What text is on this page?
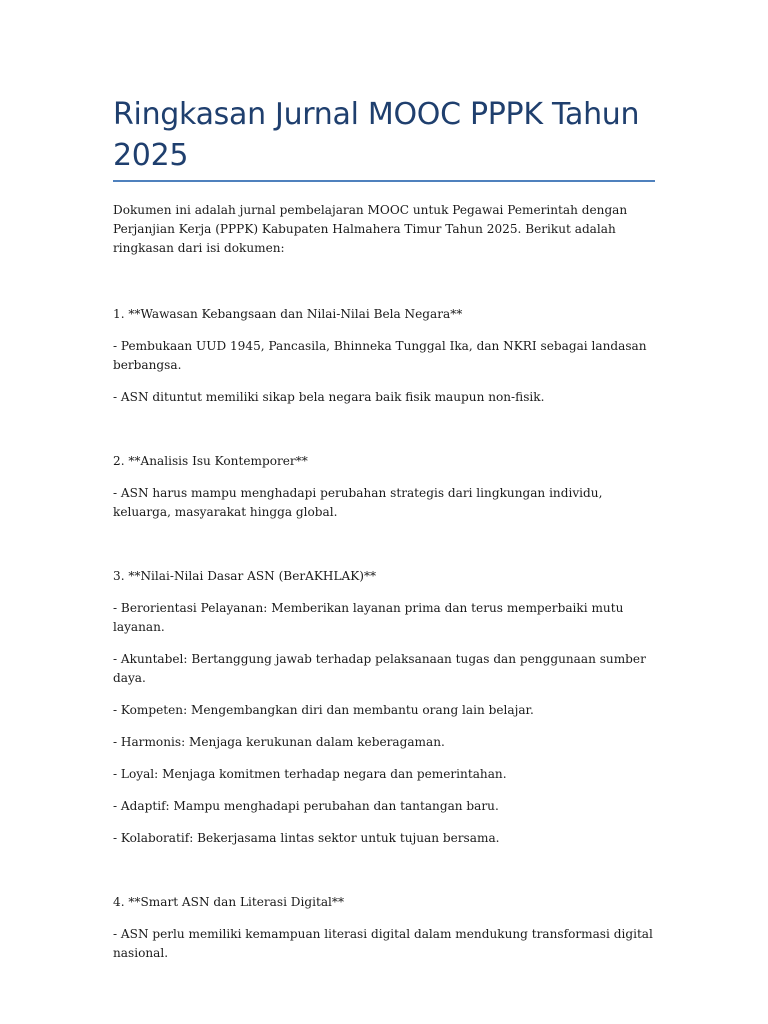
Ringkasan Jurnal MOOC PPPK Tahun 2025

Dokumen ini adalah jurnal pembelajaran MOOC untuk Pegawai Pemerintah dengan Perjanjian Kerja (PPPK) Kabupaten Halmahera Timur Tahun 2025. Berikut adalah ringkasan dari isi dokumen:

1. **Wawasan Kebangsaan dan Nilai-Nilai Bela Negara**

- Pembukaan UUD 1945, Pancasila, Bhinneka Tunggal Ika, dan NKRI sebagai landasan berbangsa.

- ASN dituntut memiliki sikap bela negara baik fisik maupun non-fisik.

2. **Analisis Isu Kontemporer**

- ASN harus mampu menghadapi perubahan strategis dari lingkungan individu, keluarga, masyarakat hingga global.

3. **Nilai-Nilai Dasar ASN (BerAKHLAK)**

- Berorientasi Pelayanan: Memberikan layanan prima dan terus memperbaiki mutu layanan.

- Akuntabel: Bertanggung jawab terhadap pelaksanaan tugas dan penggunaan sumber daya.

- Kompeten: Mengembangkan diri dan membantu orang lain belajar.

- Harmonis: Menjaga kerukunan dalam keberagaman.

- Loyal: Menjaga komitmen terhadap negara dan pemerintahan.

- Adaptif: Mampu menghadapi perubahan dan tantangan baru.

- Kolaboratif: Bekerjasama lintas sektor untuk tujuan bersama.

4. **Smart ASN dan Literasi Digital**

- ASN perlu memiliki kemampuan literasi digital dalam mendukung transformasi digital nasional.
